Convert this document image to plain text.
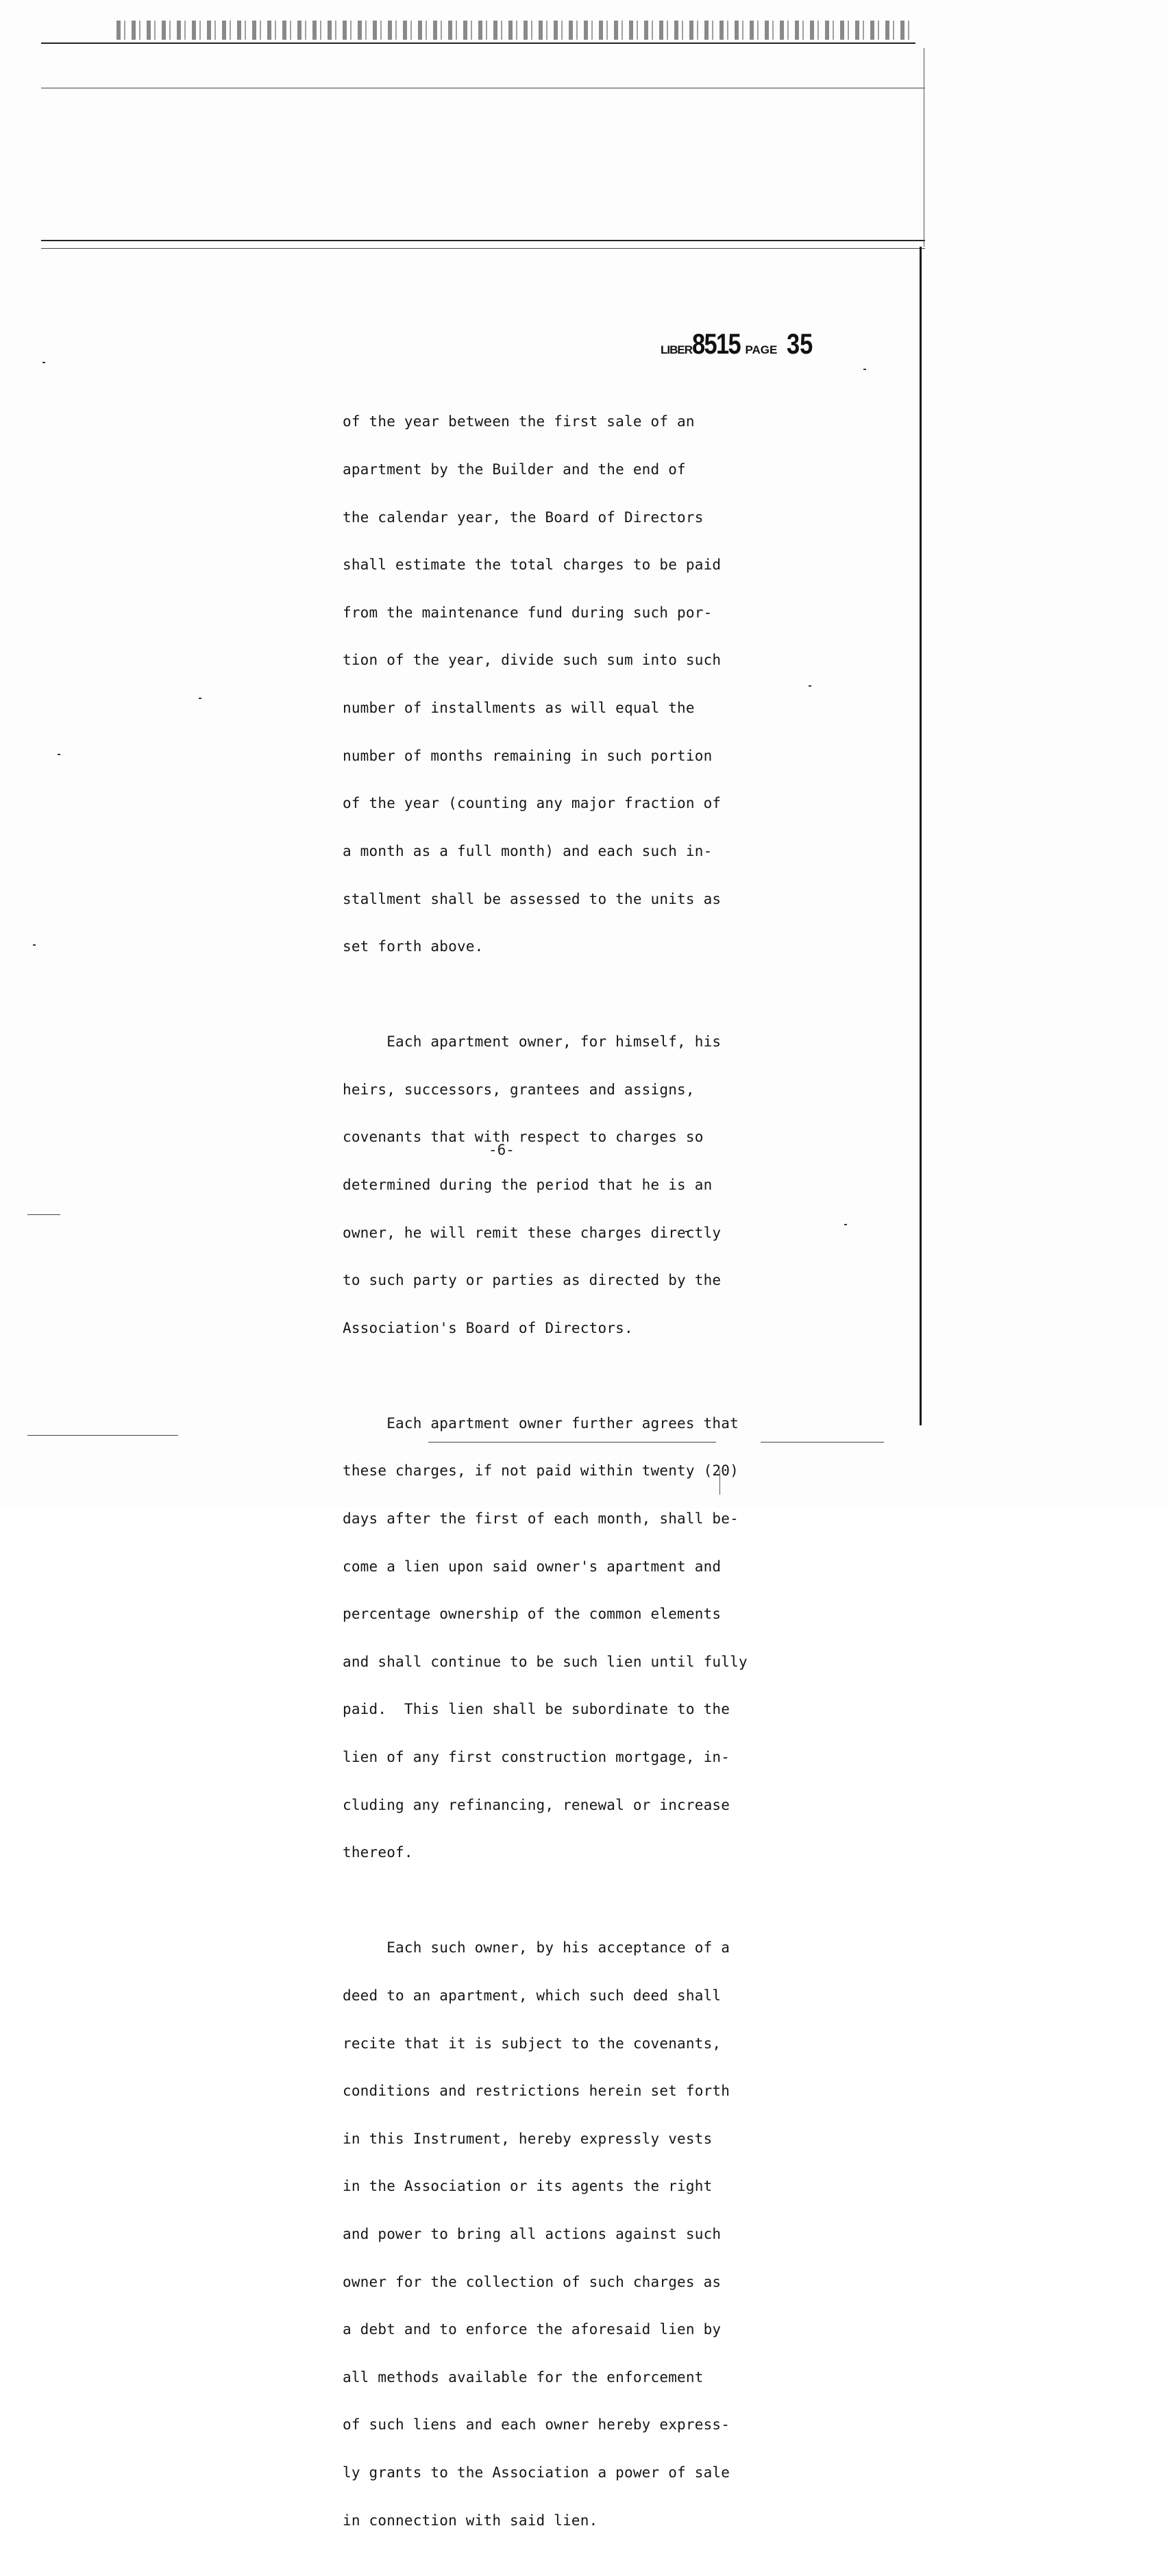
LIBER 8515 PAGE 35

of the year between the first sale of an

apartment by the Builder and the end of

the calendar year, the Board of Directors

shall estimate the total charges to be paid

from the maintenance fund during such por-

tion of the year, divide such sum into such

number of installments as will equal the

number of months remaining in such portion

of the year (counting any major fraction of

a month as a full month) and each such in-

stallment shall be assessed to the units as

set forth above.

Each apartment owner, for himself, his

heirs, successors, grantees and assigns,

covenants that with respect to charges so

determined during the period that he is an

owner, he will remit these charges directly

to such party or parties as directed by the

Association's Board of Directors.

Each apartment owner further agrees that

these charges, if not paid within twenty (20)

days after the first of each month, shall be-

come a lien upon said owner's apartment and

percentage ownership of the common elements

and shall continue to be such lien until fully

paid.  This lien shall be subordinate to the

lien of any first construction mortgage, in-

cluding any refinancing, renewal or increase

thereof.

Each such owner, by his acceptance of a

deed to an apartment, which such deed shall

recite that it is subject to the covenants,

conditions and restrictions herein set forth

in this Instrument, hereby expressly vests

in the Association or its agents the right

and power to bring all actions against such

owner for the collection of such charges as

a debt and to enforce the aforesaid lien by

all methods available for the enforcement

of such liens and each owner hereby express-

ly grants to the Association a power of sale

in connection with said lien.

-6-
